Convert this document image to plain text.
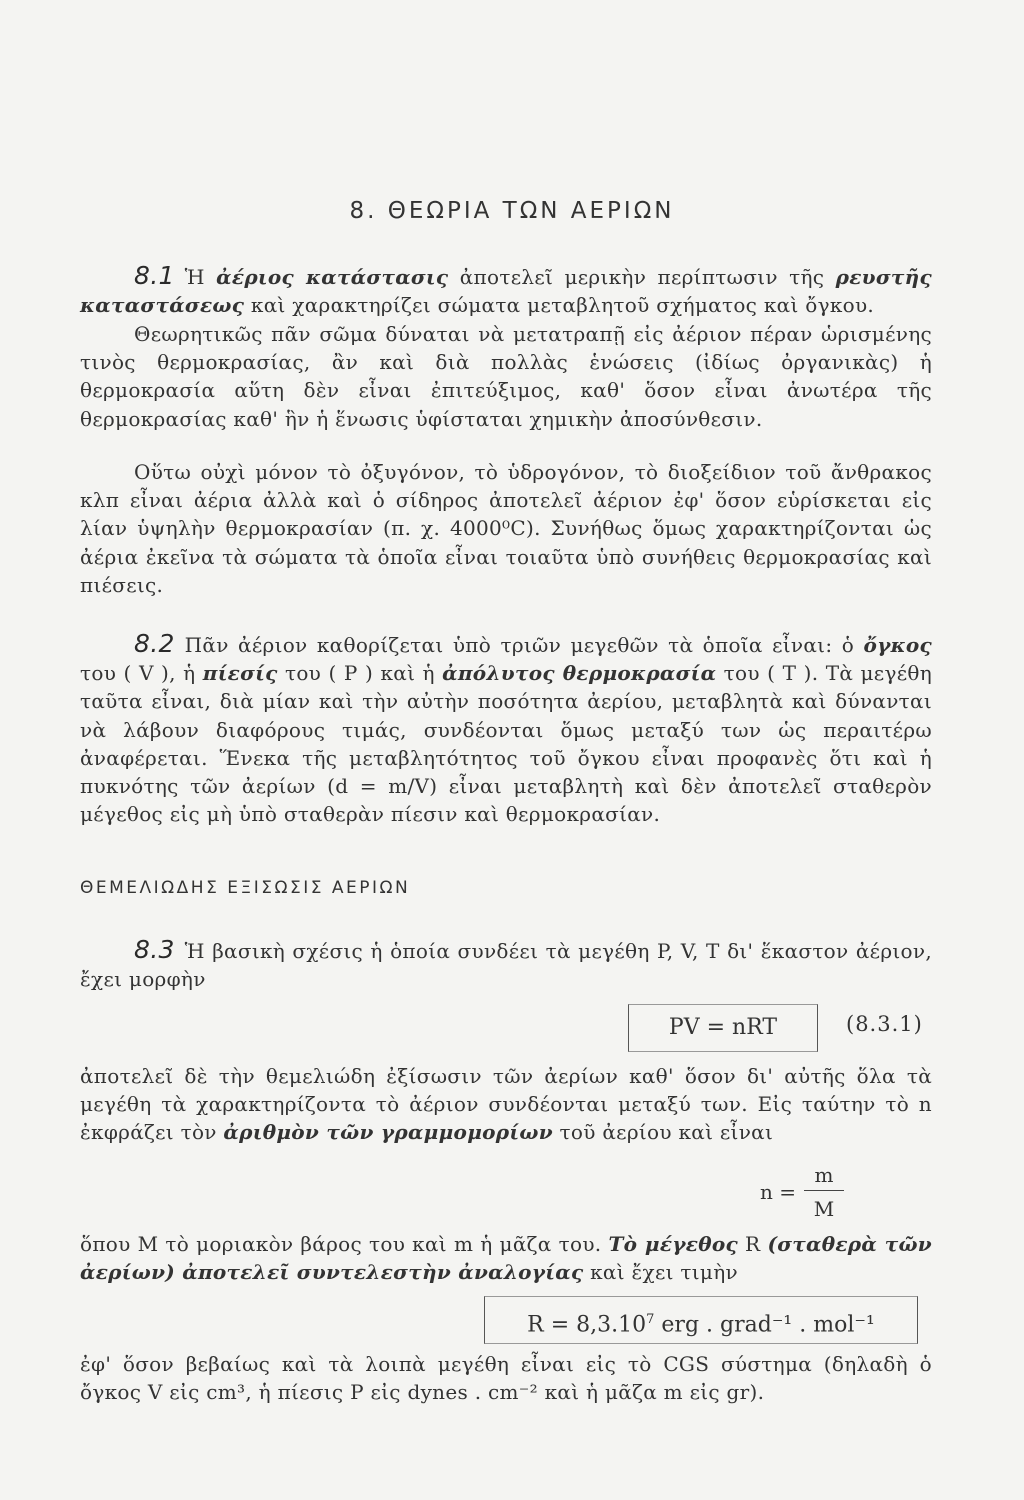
8. ΘΕΩΡΙΑ ΤΩΝ ΑΕΡΙΩΝ
8.1 Ἡ ἀέριος κατάστασις ἀποτελεῖ μερικὴν περίπτωσιν τῆς ρευστῆς καταστάσεως καὶ χαρακτηρίζει σώματα μεταβλητοῦ σχήματος καὶ ὄγκου.
Θεωρητικῶς πᾶν σῶμα δύναται νὰ μετατραπῇ εἰς ἀέριον πέραν ὡρισμένης τινὸς θερμοκρασίας, ἂν καὶ διὰ πολλὰς ἑνώσεις (ἰδίως ὀργανικὰς) ἡ θερμοκρασία αὕτη δὲν εἶναι ἐπιτεύξιμος, καθ' ὅσον εἶναι ἀνωτέρα τῆς θερμοκρασίας καθ' ἣν ἡ ἕνωσις ὑφίσταται χημικὴν ἀποσύνθεσιν.
Οὕτω οὐχὶ μόνον τὸ ὀξυγόνον, τὸ ὑδρογόνον, τὸ διοξείδιον τοῦ ἄνθρακος κλπ εἶναι ἀέρια ἀλλὰ καὶ ὁ σίδηρος ἀποτελεῖ ἀέριον ἐφ' ὅσον εὑρίσκεται εἰς λίαν ὑψηλὴν θερμοκρασίαν (π. χ. 4000⁰C). Συνήθως ὅμως χαρακτηρίζονται ὡς ἀέρια ἐκεῖνα τὰ σώματα τὰ ὁποῖα εἶναι τοιαῦτα ὑπὸ συνήθεις θερμοκρασίας καὶ πιέσεις.
8.2 Πᾶν ἀέριον καθορίζεται ὑπὸ τριῶν μεγεθῶν τὰ ὁποῖα εἶναι: ὁ ὄγκος του ( V ), ἡ πίεσίς του ( P ) καὶ ἡ ἀπόλυτος θερμοκρασία του ( T ). Τὰ μεγέθη ταῦτα εἶναι, διὰ μίαν καὶ τὴν αὐτὴν ποσότητα ἀερίου, μεταβλητὰ καὶ δύνανται νὰ λάβουν διαφόρους τιμάς, συνδέονται ὅμως μεταξύ των ὡς περαιτέρω ἀναφέρεται. Ἕνεκα τῆς μεταβλητότητος τοῦ ὄγκου εἶναι προφανὲς ὅτι καὶ ἡ πυκνότης τῶν ἀερίων (d = m/V) εἶναι μεταβλητὴ καὶ δὲν ἀποτελεῖ σταθερὸν μέγεθος εἰς μὴ ὑπὸ σταθερὰν πίεσιν καὶ θερμοκρασίαν.
ΘΕΜΕΛΙΩΔΗΣ ΕΞΙΣΩΣΙΣ ΑΕΡΙΩΝ
8.3 Ἡ βασικὴ σχέσις ἡ ὁποία συνδέει τὰ μεγέθη P, V, T δι' ἕκαστον ἀέριον, ἔχει μορφὴν
PV = nRT	(8.3.1)
ἀποτελεῖ δὲ τὴν θεμελιώδη ἐξίσωσιν τῶν ἀερίων καθ' ὅσον δι' αὐτῆς ὅλα τὰ μεγέθη τὰ χαρακτηρίζοντα τὸ ἀέριον συνδέονται μεταξύ των. Εἰς ταύτην τὸ n ἐκφράζει τὸν ἀριθμὸν τῶν γραμμομορίων τοῦ ἀερίου καὶ εἶναι
n =
m
M
ὅπου M τὸ μοριακὸν βάρος του καὶ m ἡ μᾶζα του. Τὸ μέγεθος R (σταθερὰ τῶν ἀερίων) ἀποτελεῖ συντελεστὴν ἀναλογίας καὶ ἔχει τιμὴν
$R = 8,3.10^7$ erg . grad⁻¹ . mol⁻¹
ἐφ' ὅσον βεβαίως καὶ τὰ λοιπὰ μεγέθη εἶναι εἰς τὸ CGS σύστημα (δηλαδὴ ὁ ὄγκος V εἰς cm³, ἡ πίεσις P εἰς dynes . cm⁻² καὶ ἡ μᾶζα m εἰς gr).
